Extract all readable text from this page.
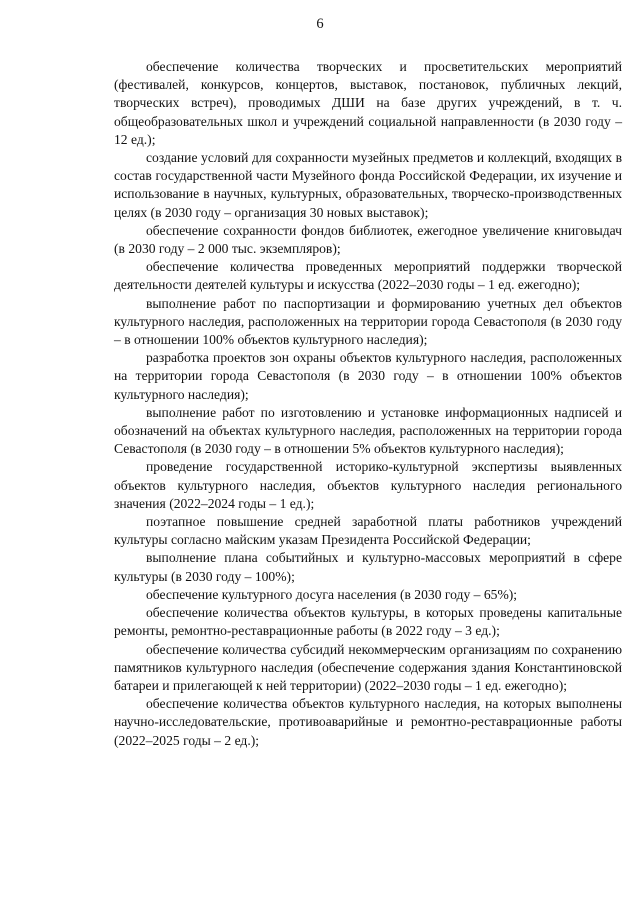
6

обеспечение количества творческих и просветительских мероприятий (фестивалей, конкурсов, концертов, выставок, постановок, публичных лекций, творческих встреч), проводимых ДШИ на базе других учреждений, в т. ч. общеобразовательных школ и учреждений социальной направленности (в 2030 году – 12 ед.);

создание условий для сохранности музейных предметов и коллекций, входящих в состав государственной части Музейного фонда Российской Федерации, их изучение и использование в научных, культурных, образовательных, творческо-производственных целях (в 2030 году – организация 30 новых выставок);

обеспечение сохранности фондов библиотек, ежегодное увеличение книговыдач (в 2030 году – 2 000 тыс. экземпляров);

обеспечение количества проведенных мероприятий поддержки творческой деятельности деятелей культуры и искусства (2022–2030 годы – 1 ед. ежегодно);

выполнение работ по паспортизации и формированию учетных дел объектов культурного наследия, расположенных на территории города Севастополя (в 2030 году – в отношении 100% объектов культурного наследия);

разработка проектов зон охраны объектов культурного наследия, расположенных на территории города Севастополя (в 2030 году – в отношении 100% объектов культурного наследия);

выполнение работ по изготовлению и установке информационных надписей и обозначений на объектах культурного наследия, расположенных на территории города Севастополя (в 2030 году – в отношении 5% объектов культурного наследия);

проведение государственной историко-культурной экспертизы выявленных объектов культурного наследия, объектов культурного наследия регионального значения (2022–2024 годы – 1 ед.);

поэтапное повышение средней заработной платы работников учреждений культуры согласно майским указам Президента Российской Федерации;

выполнение плана событийных и культурно-массовых мероприятий в сфере культуры (в 2030 году – 100%);

обеспечение культурного досуга населения (в 2030 году – 65%);

обеспечение количества объектов культуры, в которых проведены капитальные ремонты, ремонтно-реставрационные работы (в 2022 году – 3 ед.);

обеспечение количества субсидий некоммерческим организациям по сохранению памятников культурного наследия (обеспечение содержания здания Константиновской батареи и прилегающей к ней территории) (2022–2030 годы – 1 ед. ежегодно);

обеспечение количества объектов культурного наследия, на которых выполнены научно-исследовательские, противоаварийные и ремонтно-реставрационные работы (2022–2025 годы – 2 ед.);
